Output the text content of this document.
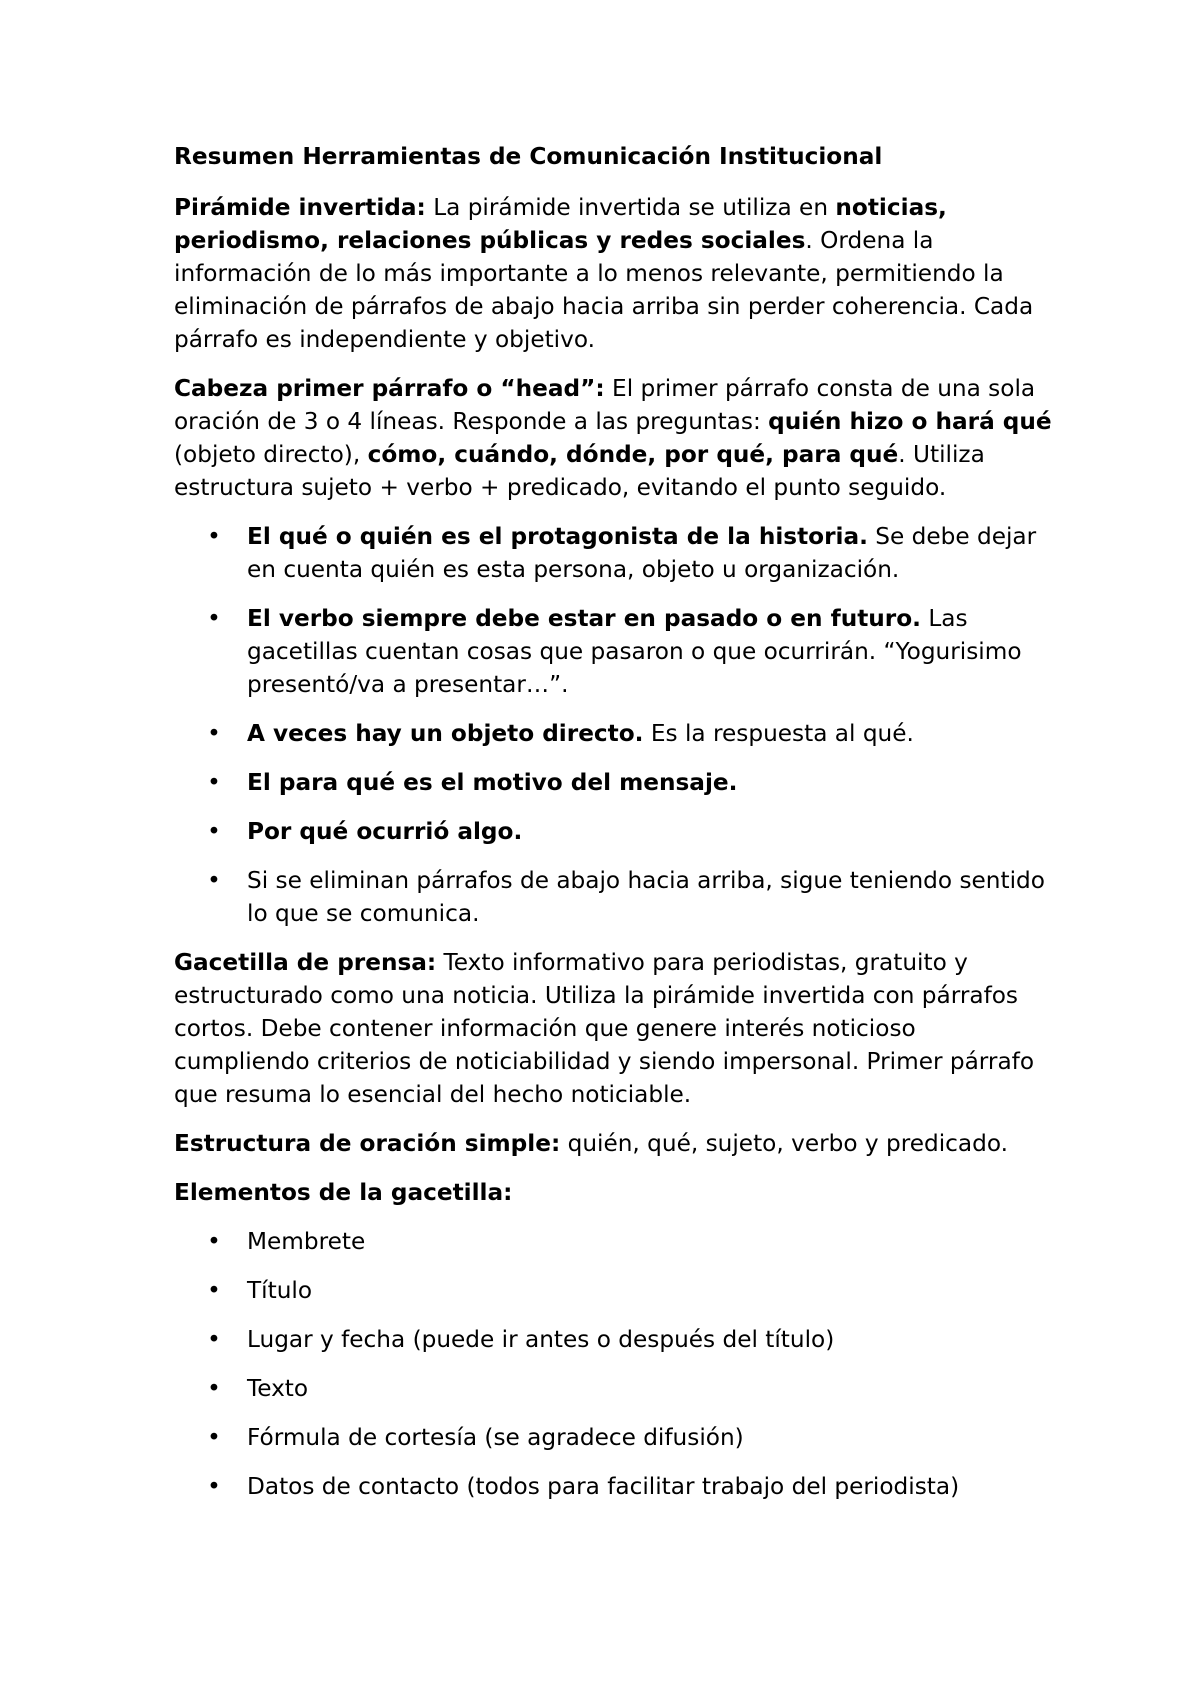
Resumen Herramientas de Comunicación Institucional

Pirámide invertida: La pirámide invertida se utiliza en noticias, periodismo, relaciones públicas y redes sociales. Ordena la información de lo más importante a lo menos relevante, permitiendo la eliminación de párrafos de abajo hacia arriba sin perder coherencia. Cada párrafo es independiente y objetivo.

Cabeza primer párrafo o “head”: El primer párrafo consta de una sola oración de 3 o 4 líneas. Responde a las preguntas: quién hizo o hará qué (objeto directo), cómo, cuándo, dónde, por qué, para qué. Utiliza estructura sujeto + verbo + predicado, evitando el punto seguido.

• El qué o quién es el protagonista de la historia. Se debe dejar en cuenta quién es esta persona, objeto u organización.
• El verbo siempre debe estar en pasado o en futuro. Las gacetillas cuentan cosas que pasaron o que ocurrirán. “Yogurisimo presentó/va a presentar…”.
• A veces hay un objeto directo. Es la respuesta al qué.
• El para qué es el motivo del mensaje.
• Por qué ocurrió algo.
• Si se eliminan párrafos de abajo hacia arriba, sigue teniendo sentido lo que se comunica.

Gacetilla de prensa: Texto informativo para periodistas, gratuito y estructurado como una noticia. Utiliza la pirámide invertida con párrafos cortos. Debe contener información que genere interés noticioso cumpliendo criterios de noticiabilidad y siendo impersonal. Primer párrafo que resuma lo esencial del hecho noticiable.

Estructura de oración simple: quién, qué, sujeto, verbo y predicado.

Elementos de la gacetilla:

• Membrete
• Título
• Lugar y fecha (puede ir antes o después del título)
• Texto
• Fórmula de cortesía (se agradece difusión)
• Datos de contacto (todos para facilitar trabajo del periodista)
